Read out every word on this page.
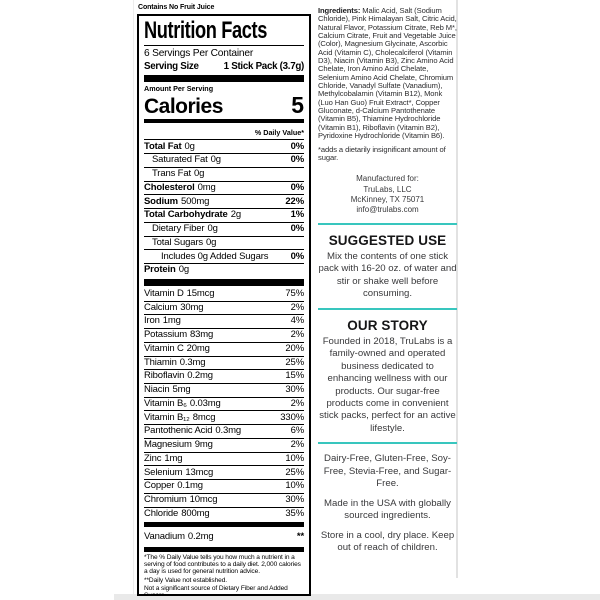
Contains No Fruit Juice
Nutrition Facts
6 Servings Per Container
Serving Size	1 Stick Pack (3.7g)
Amount Per Serving
Calories	5
% Daily Value*
Total Fat 0g	0%
Saturated Fat 0g	0%
Trans Fat 0g
Cholesterol 0mg	0%
Sodium 500mg	22%
Total Carbohydrate 2g	1%
Dietary Fiber 0g	0%
Total Sugars 0g
Includes 0g Added Sugars	0%
Protein 0g
Vitamin D 15mcg	75%
Calcium 30mg	2%
Iron 1mg	4%
Potassium 83mg	2%
Vitamin C 20mg	20%
Thiamin 0.3mg	25%
Riboflavin 0.2mg	15%
Niacin 5mg	30%
Vitamin B₆ 0.03mg	2%
Vitamin B₁₂ 8mcg	330%
Pantothenic Acid 0.3mg	6%
Magnesium 9mg	2%
Zinc 1mg	10%
Selenium 13mcg	25%
Copper 0.1mg	10%
Chromium 10mcg	30%
Chloride 800mg	35%
Vanadium 0.2mg	**

*The % Daily Value tells you how much a nutrient in a serving of food contributes to a daily diet. 2,000 calories a day is used for general nutrition advice.

**Daily Value not established.

Not a significant source of Dietary Fiber and Added Sugars

Ingredients: Malic Acid, Salt (Sodium Chloride), Pink Himalayan Salt, Citric Acid, Natural Flavor, Potassium Citrate, Reb M*, Calcium Citrate, Fruit and Vegetable Juice (Color), Magnesium Glycinate, Ascorbic Acid (Vitamin C), Cholecalciferol (Vitamin D3), Niacin (Vitamin B3), Zinc Amino Acid Chelate, Iron Amino Acid Chelate, Selenium Amino Acid Chelate, Chromium Chloride, Vanadyl Sulfate (Vanadium), Methylcobalamin (Vitamin B12), Monk (Luo Han Guo) Fruit Extract*, Copper Gluconate, d-Calcium Pantothenate (Vitamin B5), Thiamine Hydrochloride (Vitamin B1), Riboflavin (Vitamin B2), Pyridoxine Hydrochloride (Vitamin B6).

*adds a dietarily insignificant amount of sugar.

Manufactured for:
TruLabs, LLC
McKinney, TX 75071
info@trulabs.com
SUGGESTED USE

Mix the contents of one stick pack with 16-20 oz. of water and stir or shake well before consuming.

OUR STORY

Founded in 2018, TruLabs is a family-owned and operated business dedicated to enhancing wellness with our products. Our sugar-free products come in convenient stick packs, perfect for an active lifestyle.

Dairy-Free, Gluten-Free, Soy-Free, Stevia-Free, and Sugar-Free.

Made in the USA with globally sourced ingredients.

Store in a cool, dry place. Keep out of reach of children.
